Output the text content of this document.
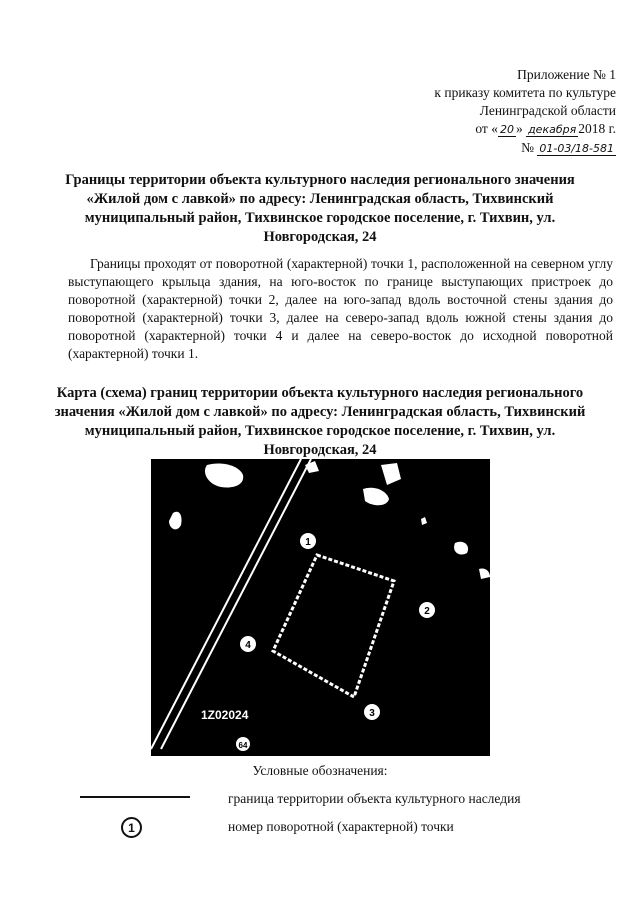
Приложение № 1
к приказу комитета по культуре
Ленинградской области
от « 20 » декабря 2018 г.
№ 01-03/18-581
Границы территории объекта культурного наследия регионального значения «Жилой дом с лавкой» по адресу: Ленинградская область, Тихвинский муниципальный район, Тихвинское городское поселение, г. Тихвин, ул. Новгородская, 24
Границы проходят от поворотной (характерной) точки 1, расположенной на северном углу выступающего крыльца здания, на юго-восток по границе выступающих пристроек до поворотной (характерной) точки 2, далее на юго-запад вдоль восточной стены здания до поворотной (характерной) точки 3, далее на северо-запад вдоль южной стены здания до поворотной (характерной) точки 4 и далее на северо-восток до исходной поворотной (характерной) точки 1.
Карта (схема) границ территории объекта культурного наследия регионального значения «Жилой дом с лавкой» по адресу: Ленинградская область, Тихвинский муниципальный район, Тихвинское городское поселение, г. Тихвин, ул. Новгородская, 24
1
2
3
4
1Z02024
64
Условные обозначения:
граница территории объекта культурного наследия
1	номер поворотной (характерной) точки
